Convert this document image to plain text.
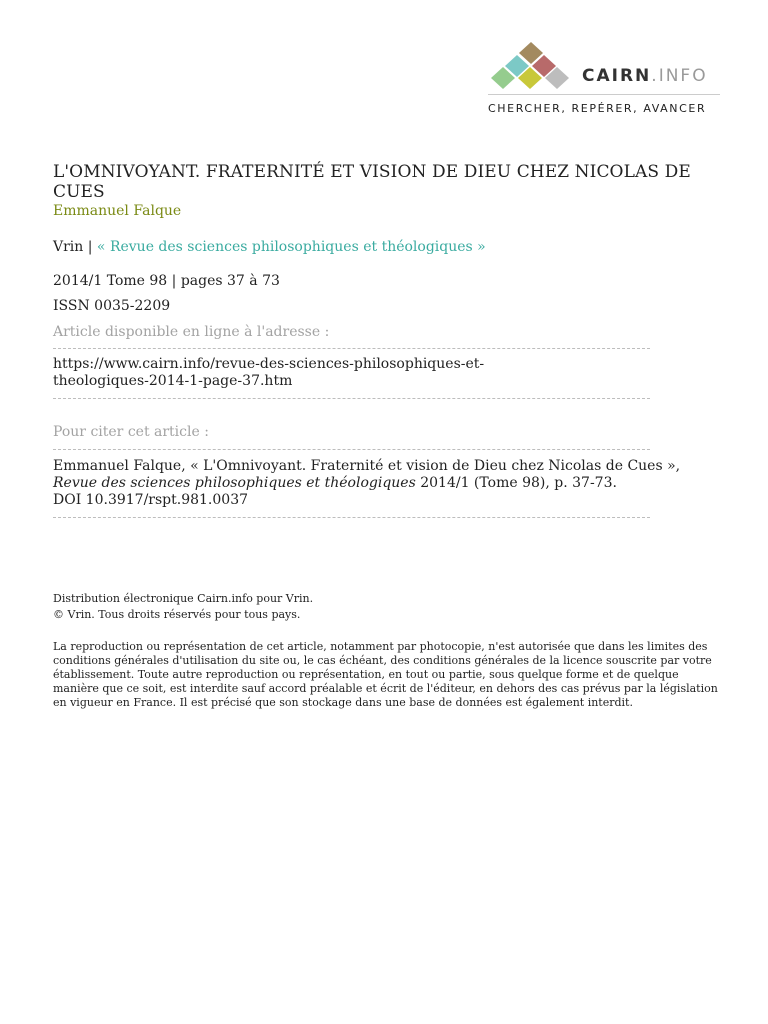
CAIRN.INFO
CHERCHER, REPÉRER, AVANCER
L'OMNIVOYANT. FRATERNITÉ ET VISION DE DIEU CHEZ NICOLAS DE CUES
Emmanuel Falque
Vrin | « Revue des sciences philosophiques et théologiques »
2014/1 Tome 98 | pages 37 à 73
ISSN 0035-2209
Article disponible en ligne à l'adresse :
https://www.cairn.info/revue-des-sciences-philosophiques-et-
theologiques-2014-1-page-37.htm
Pour citer cet article :
Emmanuel Falque, « L'Omnivoyant. Fraternité et vision de Dieu chez Nicolas de Cues », Revue des sciences philosophiques et théologiques 2014/1 (Tome 98), p. 37-73.
DOI 10.3917/rspt.981.0037
Distribution électronique Cairn.info pour Vrin.
© Vrin. Tous droits réservés pour tous pays.
La reproduction ou représentation de cet article, notamment par photocopie, n'est autorisée que dans les limites des conditions générales d'utilisation du site ou, le cas échéant, des conditions générales de la licence souscrite par votre établissement. Toute autre reproduction ou représentation, en tout ou partie, sous quelque forme et de quelque manière que ce soit, est interdite sauf accord préalable et écrit de l'éditeur, en dehors des cas prévus par la législation en vigueur en France. Il est précisé que son stockage dans une base de données est également interdit.
